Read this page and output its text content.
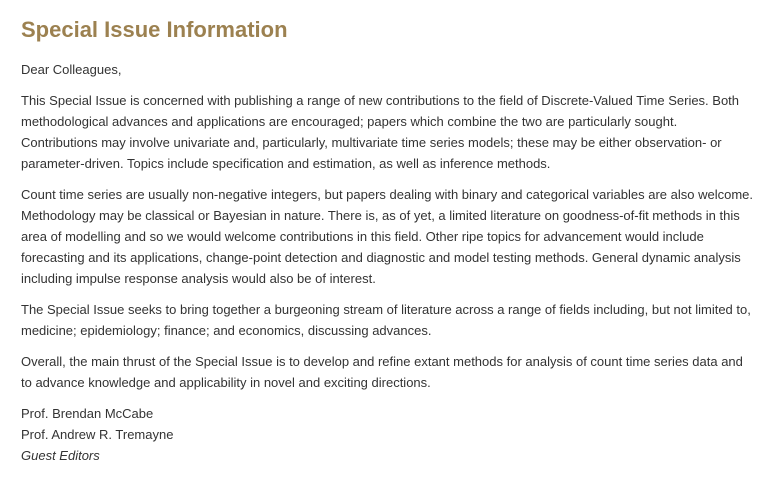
Special Issue Information

Dear Colleagues,

This Special Issue is concerned with publishing a range of new contributions to the field of Discrete-Valued Time Series. Both methodological advances and applications are encouraged; papers which combine the two are particularly sought. Contributions may involve univariate and, particularly, multivariate time series models; these may be either observation- or parameter-driven. Topics include specification and estimation, as well as inference methods.

Count time series are usually non-negative integers, but papers dealing with binary and categorical variables are also welcome. Methodology may be classical or Bayesian in nature. There is, as of yet, a limited literature on goodness-of-fit methods in this area of modelling and so we would welcome contributions in this field. Other ripe topics for advancement would include forecasting and its applications, change-point detection and diagnostic and model testing methods. General dynamic analysis including impulse response analysis would also be of interest.

The Special Issue seeks to bring together a burgeoning stream of literature across a range of fields including, but not limited to, medicine; epidemiology; finance; and economics, discussing advances.

Overall, the main thrust of the Special Issue is to develop and refine extant methods for analysis of count time series data and to advance knowledge and applicability in novel and exciting directions.

Prof. Brendan McCabe
Prof. Andrew R. Tremayne
Guest Editors
